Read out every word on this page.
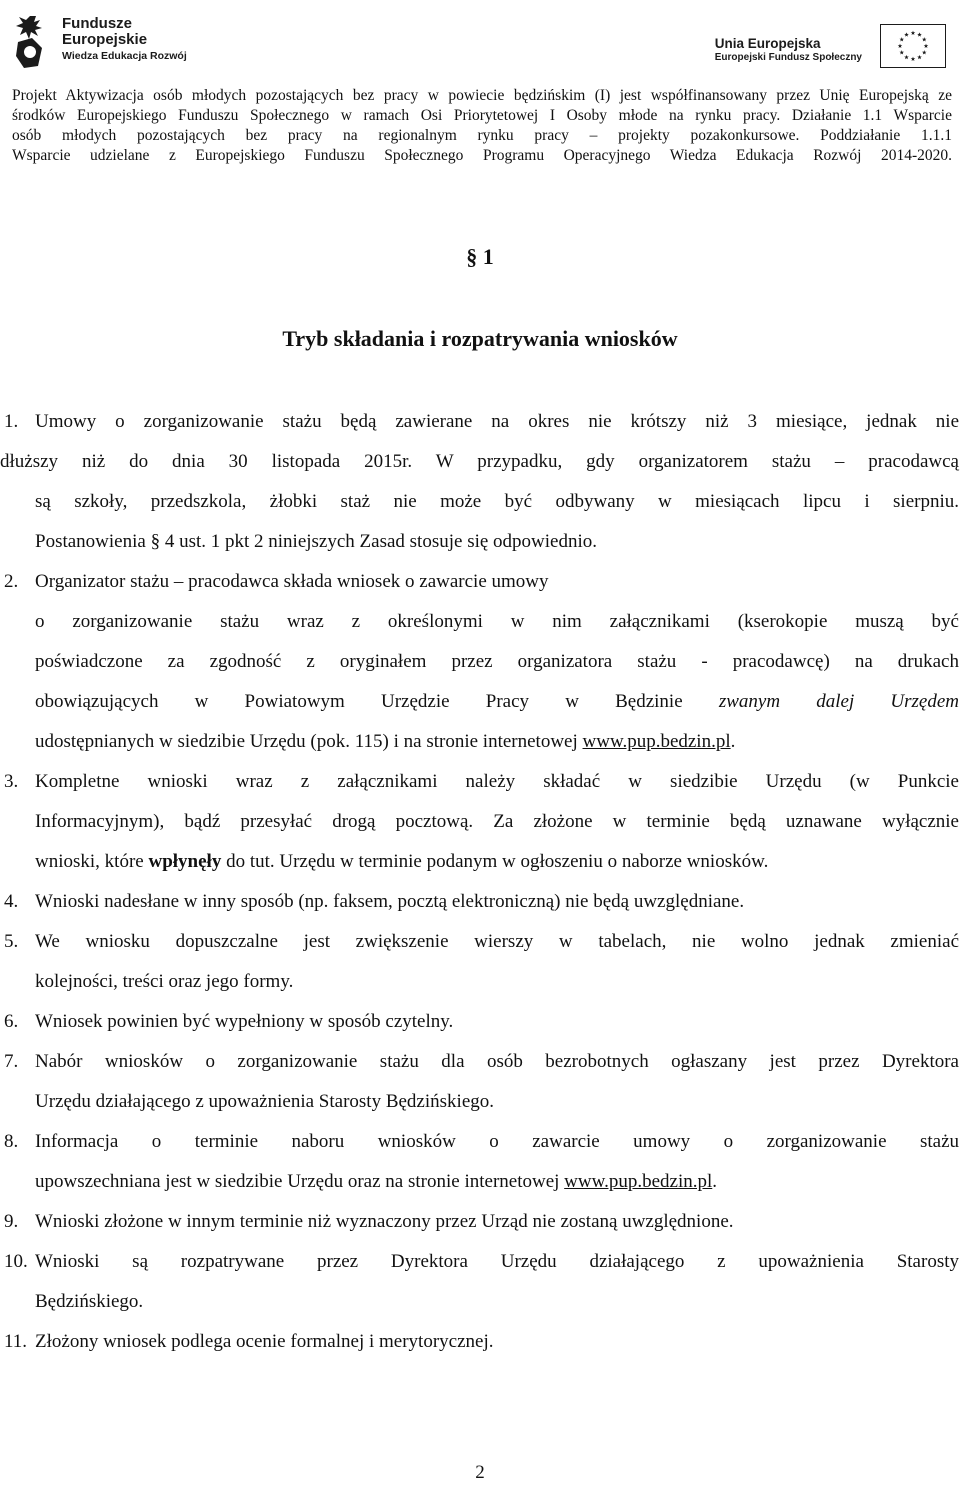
Fundusze
Europejskie
Wiedza Edukacja Rozwój
Unia Europejska
Europejski Fundusz Społeczny
Projekt Aktywizacja osób młodych pozostających bez pracy w powiecie będzińskim (I) jest współfinansowany przez Unię Europejską ze
środków Europejskiego Funduszu Społecznego w ramach Osi Priorytetowej I Osoby młode na rynku pracy. Działanie 1.1 Wsparcie
osób młodych pozostających bez pracy na regionalnym rynku pracy – projekty pozakonkursowe. Poddziałanie 1.1.1
Wsparcie udzielane z Europejskiego Funduszu Społecznego Programu Operacyjnego Wiedza Edukacja Rozwój 2014-2020.
§ 1
Tryb składania i rozpatrywania wniosków
1. Umowy o zorganizowanie stażu będą zawierane na okres nie krótszy niż 3 miesiące, jednak nie
dłuższy niż do dnia 30 listopada 2015r. W przypadku, gdy organizatorem stażu – pracodawcą
są szkoły, przedszkola, żłobki staż nie może być odbywany w miesiącach lipcu i sierpniu.
Postanowienia § 4 ust. 1 pkt 2 niniejszych Zasad stosuje się odpowiednio.
2. Organizator stażu – pracodawca składa wniosek o zawarcie umowy
o zorganizowanie stażu wraz z określonymi w nim załącznikami (kserokopie muszą być
poświadczone za zgodność z oryginałem przez organizatora stażu - pracodawcę) na drukach
obowiązujących w Powiatowym Urzędzie Pracy w Będzinie zwanym dalej Urzędem
udostępnianych w siedzibie Urzędu (pok. 115) i na stronie internetowej www.pup.bedzin.pl.
3. Kompletne wnioski wraz z załącznikami należy składać w siedzibie Urzędu (w Punkcie
Informacyjnym), bądź przesyłać drogą pocztową. Za złożone w terminie będą uznawane wyłącznie
wnioski, które wpłynęły do tut. Urzędu w terminie podanym w ogłoszeniu o naborze wniosków.
4. Wnioski nadesłane w inny sposób (np. faksem, pocztą elektroniczną) nie będą uwzględniane.
5. We wniosku dopuszczalne jest zwiększenie wierszy w tabelach, nie wolno jednak zmieniać
kolejności, treści oraz jego formy.
6. Wniosek powinien być wypełniony w sposób czytelny.
7. Nabór wniosków o zorganizowanie stażu dla osób bezrobotnych ogłaszany jest przez Dyrektora
Urzędu działającego z upoważnienia Starosty Będzińskiego.
8. Informacja o terminie naboru wniosków o zawarcie umowy o zorganizowanie stażu
upowszechniana jest w siedzibie Urzędu oraz na stronie internetowej www.pup.bedzin.pl.
9. Wnioski złożone w innym terminie niż wyznaczony przez Urząd nie zostaną uwzględnione.
10. Wnioski są rozpatrywane przez Dyrektora Urzędu działającego z upoważnienia Starosty
Będzińskiego.
11. Złożony wniosek podlega ocenie formalnej i merytorycznej.
2
